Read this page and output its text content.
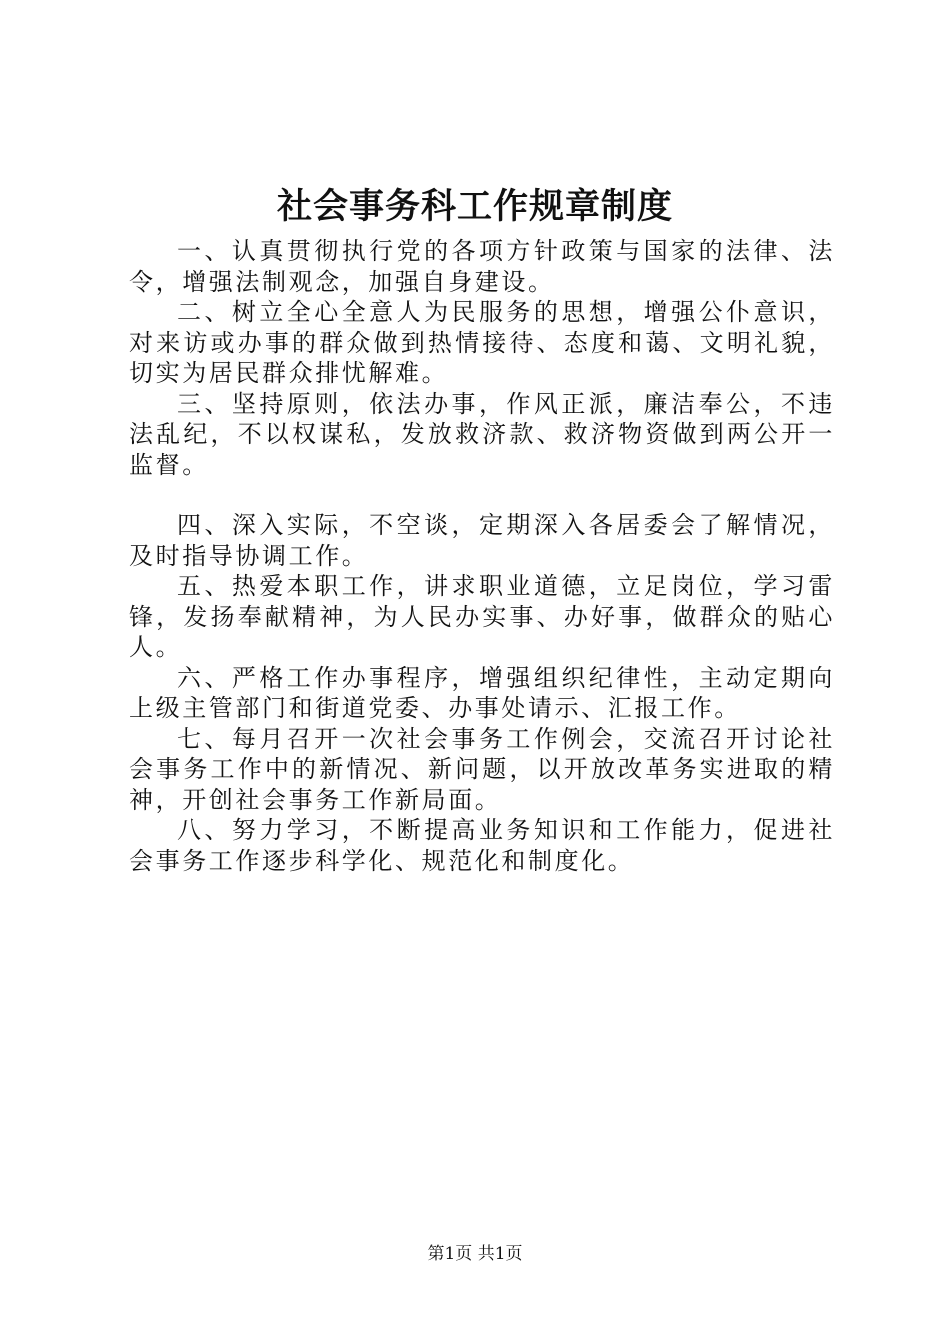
社会事务科工作规章制度

一、认真贯彻执行党的各项方针政策与国家的法律、法令，增强法制观念，加强自身建设。

二、树立全心全意人为民服务的思想，增强公仆意识，对来访或办事的群众做到热情接待、态度和蔼、文明礼貌，切实为居民群众排忧解难。

三、坚持原则，依法办事，作风正派，廉洁奉公，不违法乱纪，不以权谋私，发放救济款、救济物资做到两公开一监督。

四、深入实际，不空谈，定期深入各居委会了解情况，及时指导协调工作。

五、热爱本职工作，讲求职业道德，立足岗位，学习雷锋，发扬奉献精神，为人民办实事、办好事，做群众的贴心人。

六、严格工作办事程序，增强组织纪律性，主动定期向上级主管部门和街道党委、办事处请示、汇报工作。

七、每月召开一次社会事务工作例会，交流召开讨论社会事务工作中的新情况、新问题，以开放改革务实进取的精神，开创社会事务工作新局面。

八、努力学习，不断提高业务知识和工作能力，促进社会事务工作逐步科学化、规范化和制度化。

第1页 共1页
